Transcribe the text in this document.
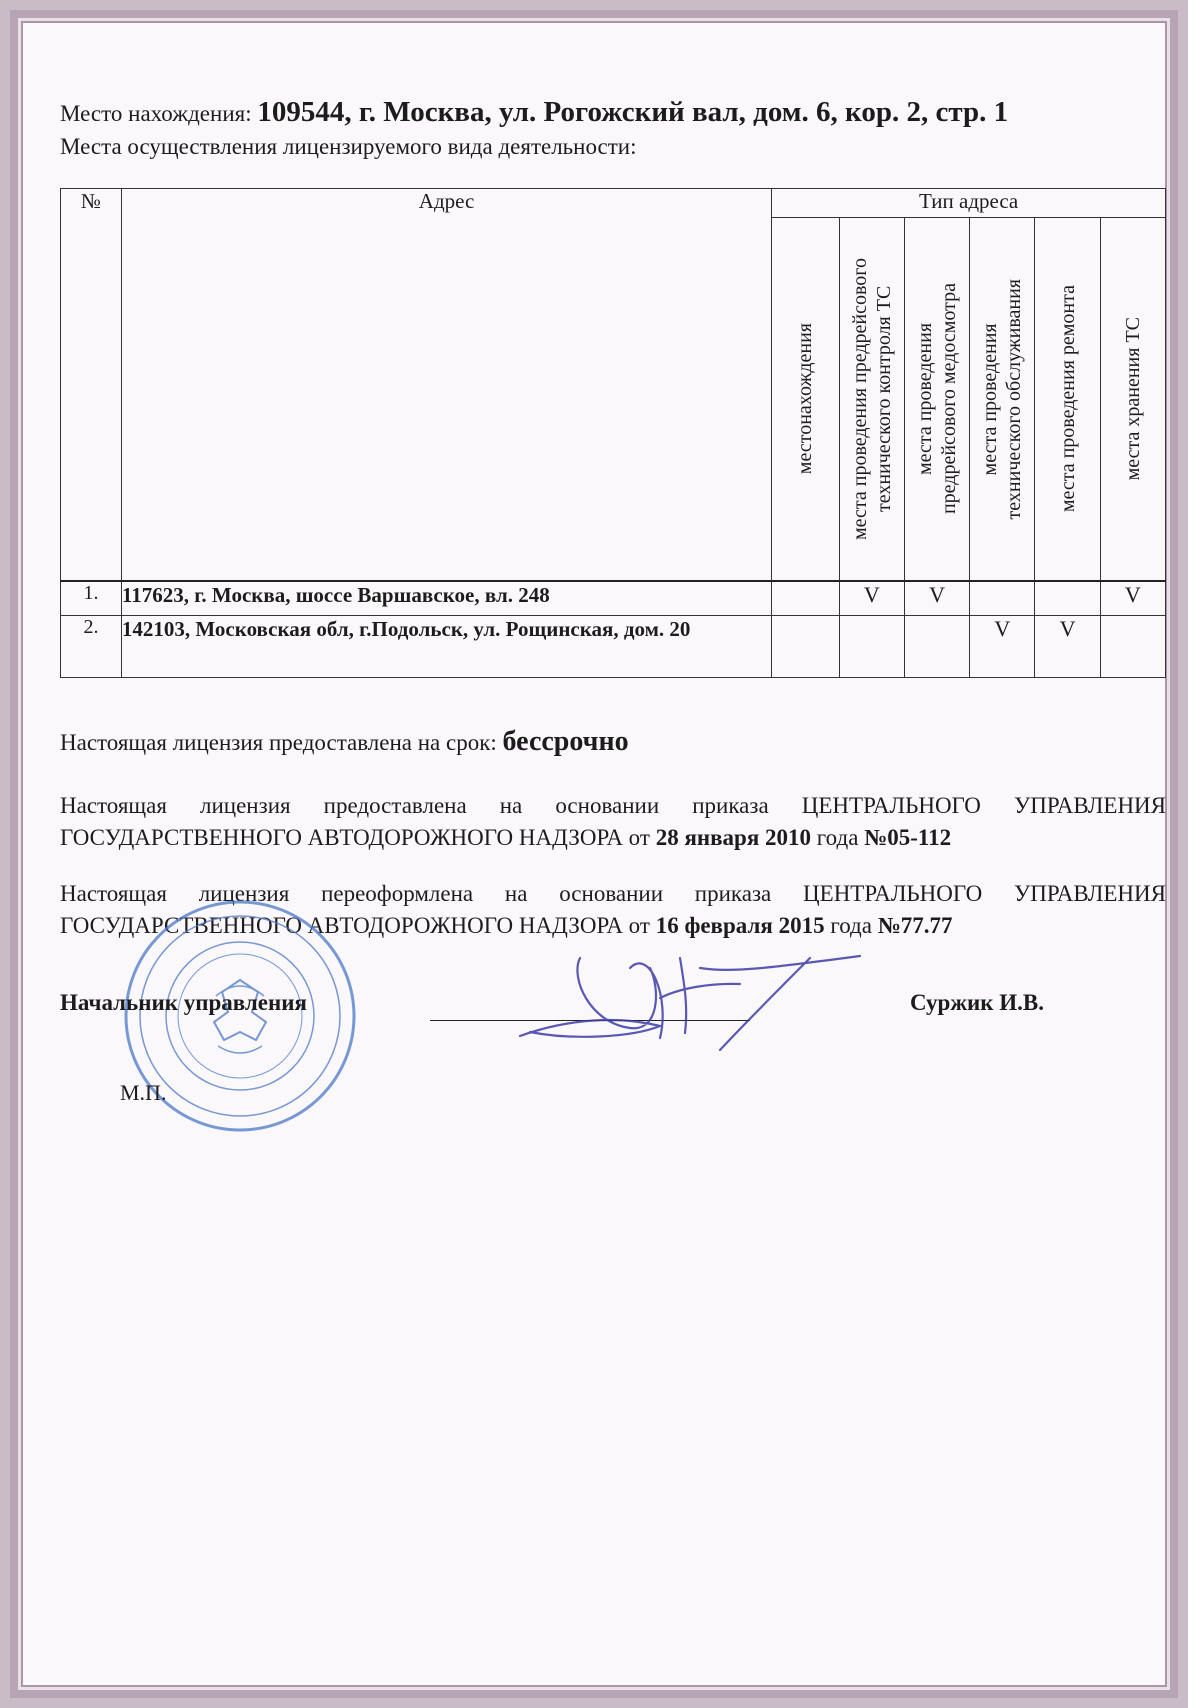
Место нахождения: 109544, г. Москва, ул. Рогожский вал, дом. 6, кор. 2, стр. 1
Места осуществления лицензируемого вида деятельности:
№	Адрес	Тип адреса					

		местонахождения	места проведения предрейсового технического контроля ТС	места проведения предрейсового медосмотра	места проведения технического обслуживания	места проведения ремонта	места хранения ТС

1.	117623, г. Москва, шоссе Варшавское, вл. 248		V	V			V
2.	142103, Московская обл, г.Подольск, ул. Рощинская, дом. 20				V	V	
Настоящая лицензия предоставлена на срок: бессрочно
Настоящая лицензия предоставлена на основании приказа ЦЕНТРАЛЬНОГО УПРАВЛЕНИЯ ГОСУДАРСТВЕННОГО АВТОДОРОЖНОГО НАДЗОРА от 28 января 2010 года №05-112
Настоящая лицензия переоформлена на основании приказа ЦЕНТРАЛЬНОГО УПРАВЛЕНИЯ ГОСУДАРСТВЕННОГО АВТОДОРОЖНОГО НАДЗОРА от 16 февраля 2015 года №77.77
Начальник управления	Суржик И.В.
М.П.
